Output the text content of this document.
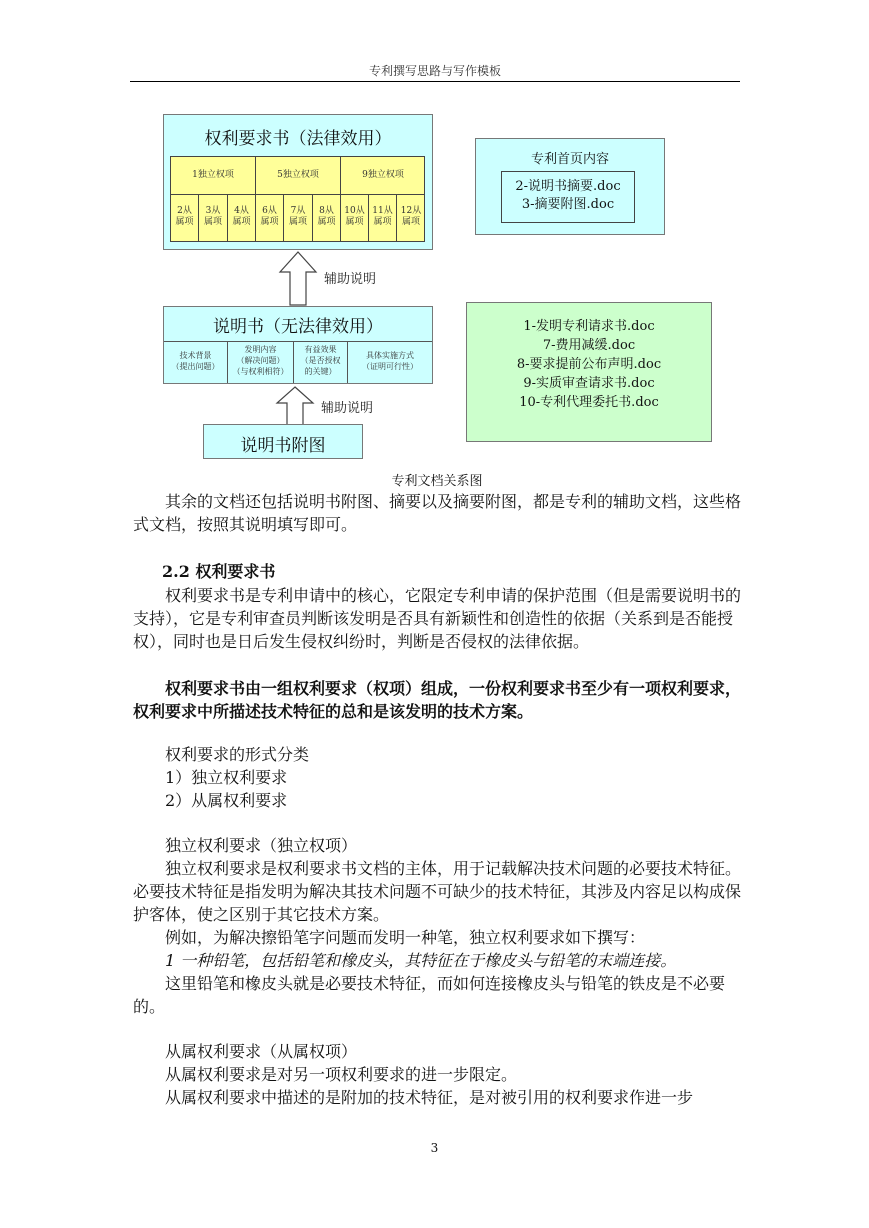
专利撰写思路与写作模板
权利要求书（法律效用）
1独立权项	5独立权项	9独立权项
2从
属项
3从
属项
4从
属项
6从
属项
7从
属项
8从
属项
10从
属项
11从
属项
12从
属项
辅助说明
说明书（无法律效用）
技术背景
（提出问题）
发明内容
（解决问题）
（与权利相符）
有益效果
（是否授权
的关键）
具体实施方式
（证明可行性）
辅助说明
说明书附图
专利首页内容
2-说明书摘要.doc
3-摘要附图.doc
1-发明专利请求书.doc
7-费用减缓.doc
8-要求提前公布声明.doc
9-实质审查请求书.doc
10-专利代理委托书.doc
专利文档关系图
　　其余的文档还包括说明书附图、摘要以及摘要附图，都是专利的辅助文档，这些格式文档，按照其说明填写即可。
2.2 权利要求书
　　权利要求书是专利申请中的核心，它限定专利申请的保护范围（但是需要说明书的支持），它是专利审查员判断该发明是否具有新颖性和创造性的依据（关系到是否能授权），同时也是日后发生侵权纠纷时，判断是否侵权的法律依据。
　　权利要求书由一组权利要求（权项）组成，一份权利要求书至少有一项权利要求，权利要求中所描述技术特征的总和是该发明的技术方案。
　　权利要求的形式分类
　　1）独立权利要求
　　2）从属权利要求
　　独立权利要求（独立权项）
　　独立权利要求是权利要求书文档的主体，用于记载解决技术问题的必要技术特征。必要技术特征是指发明为解决其技术问题不可缺少的技术特征，其涉及内容足以构成保护客体，使之区别于其它技术方案。
　　例如，为解决擦铅笔字问题而发明一种笔，独立权利要求如下撰写：
　　1 一种铅笔，包括铅笔和橡皮头，其特征在于橡皮头与铅笔的末端连接。
　　这里铅笔和橡皮头就是必要技术特征，而如何连接橡皮头与铅笔的铁皮是不必要的。
　　从属权利要求（从属权项）
　　从属权利要求是对另一项权利要求的进一步限定。
　　从属权利要求中描述的是附加的技术特征，是对被引用的权利要求作进一步
3
